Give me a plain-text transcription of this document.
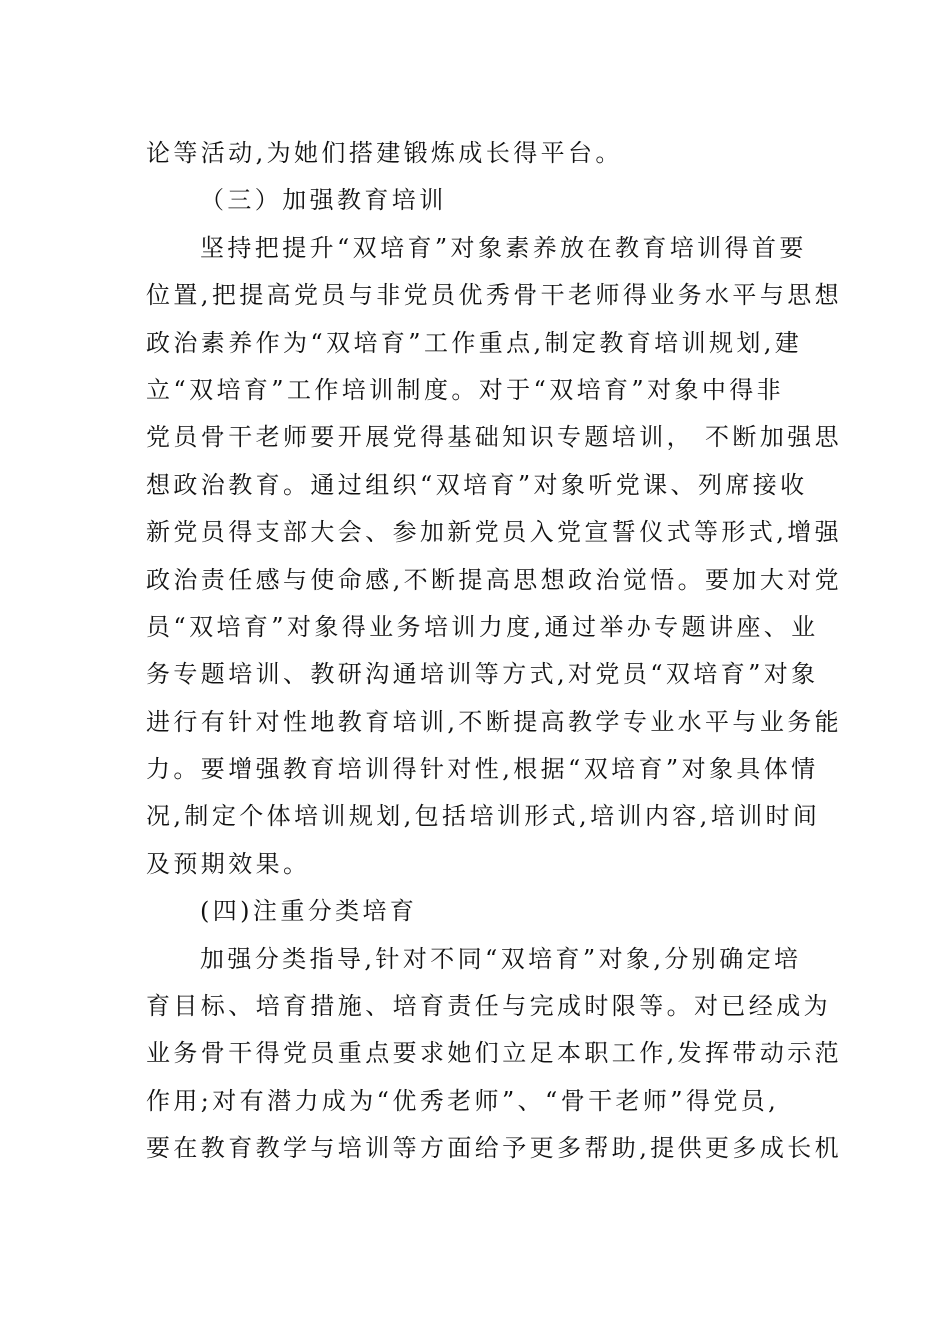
论等活动,为她们搭建锻炼成长得平台。
（三）加强教育培训
坚持把提升“双培育”对象素养放在教育培训得首要
位置,把提高党员与非党员优秀骨干老师得业务水平与思想
政治素养作为“双培育”工作重点,制定教育培训规划,建
立“双培育”工作培训制度。对于“双培育”对象中得非
党员骨干老师要开展党得基础知识专题培训， 不断加强思
想政治教育。通过组织“双培育”对象听党课、列席接收
新党员得支部大会、参加新党员入党宣誓仪式等形式,增强
政治责任感与使命感,不断提高思想政治觉悟。要加大对党
员“双培育”对象得业务培训力度,通过举办专题讲座、业
务专题培训、教研沟通培训等方式,对党员“双培育”对象
进行有针对性地教育培训,不断提高教学专业水平与业务能
力。要增强教育培训得针对性,根据“双培育”对象具体情
况,制定个体培训规划,包括培训形式,培训内容,培训时间
及预期效果。
(四)注重分类培育
加强分类指导,针对不同“双培育”对象,分别确定培
育目标、培育措施、培育责任与完成时限等。对已经成为
业务骨干得党员重点要求她们立足本职工作,发挥带动示范
作用;对有潜力成为“优秀老师”、“骨干老师”得党员,
要在教育教学与培训等方面给予更多帮助,提供更多成长机
